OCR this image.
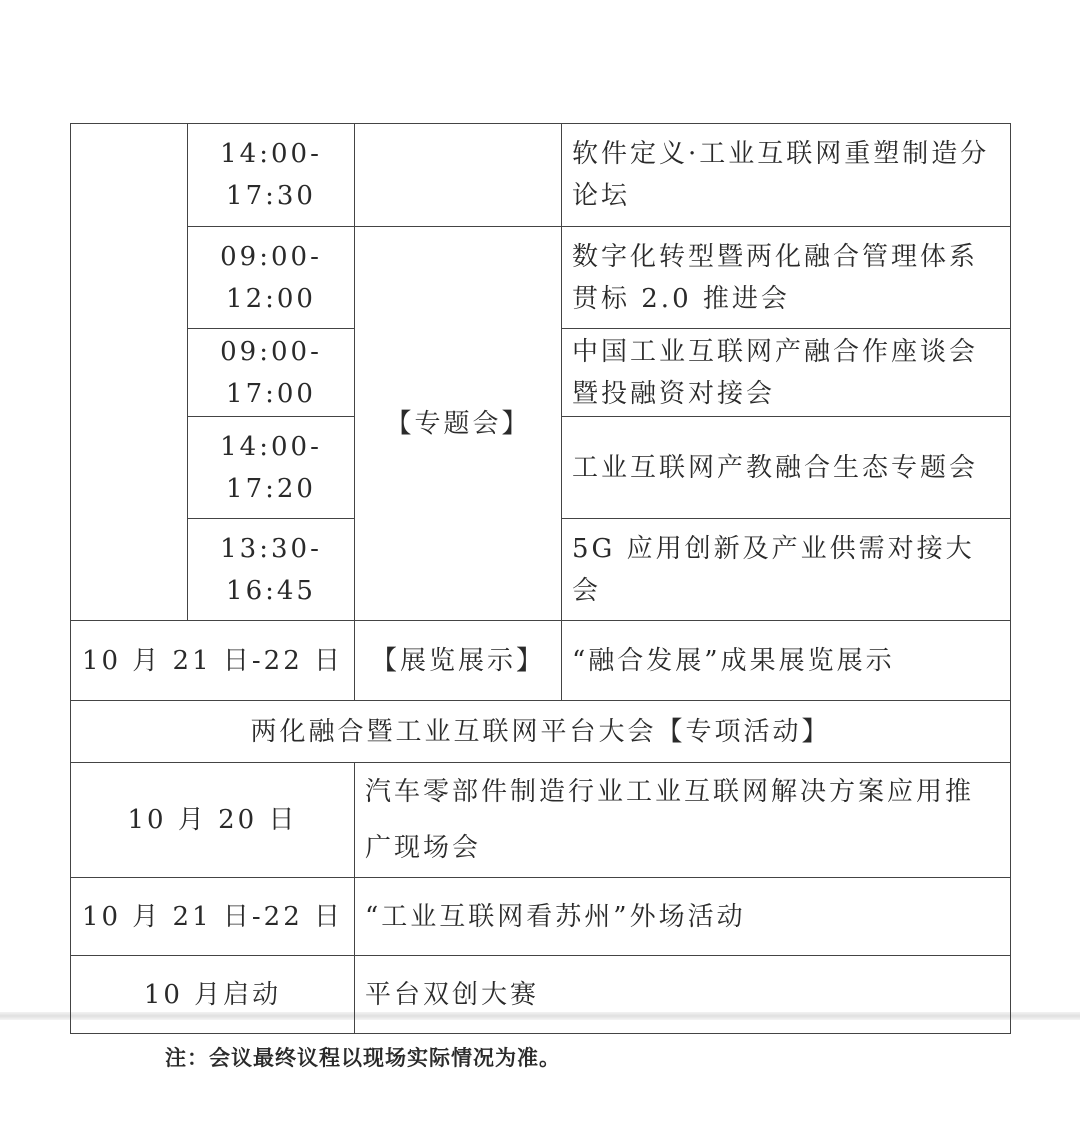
	14:00-17:30		软件定义·工业互联网重塑制造分论坛
	09:00-12:00	【专题会】	数字化转型暨两化融合管理体系贯标 2.0 推进会
	09:00-17:00		中国工业互联网产融合作座谈会暨投融资对接会
	14:00-17:20		工业互联网产教融合生态专题会
	13:30-16:45		5G 应用创新及产业供需对接大会
10 月 21 日-22 日		【展览展示】	“融合发展”成果展览展示
两化融合暨工业互联网平台大会【专项活动】			
10 月 20 日		汽车零部件制造行业工业互联网解决方案应用推广现场会	
10 月 21 日-22 日		“工业互联网看苏州”外场活动	
10 月启动		平台双创大赛	
注：会议最终议程以现场实际情况为准。
